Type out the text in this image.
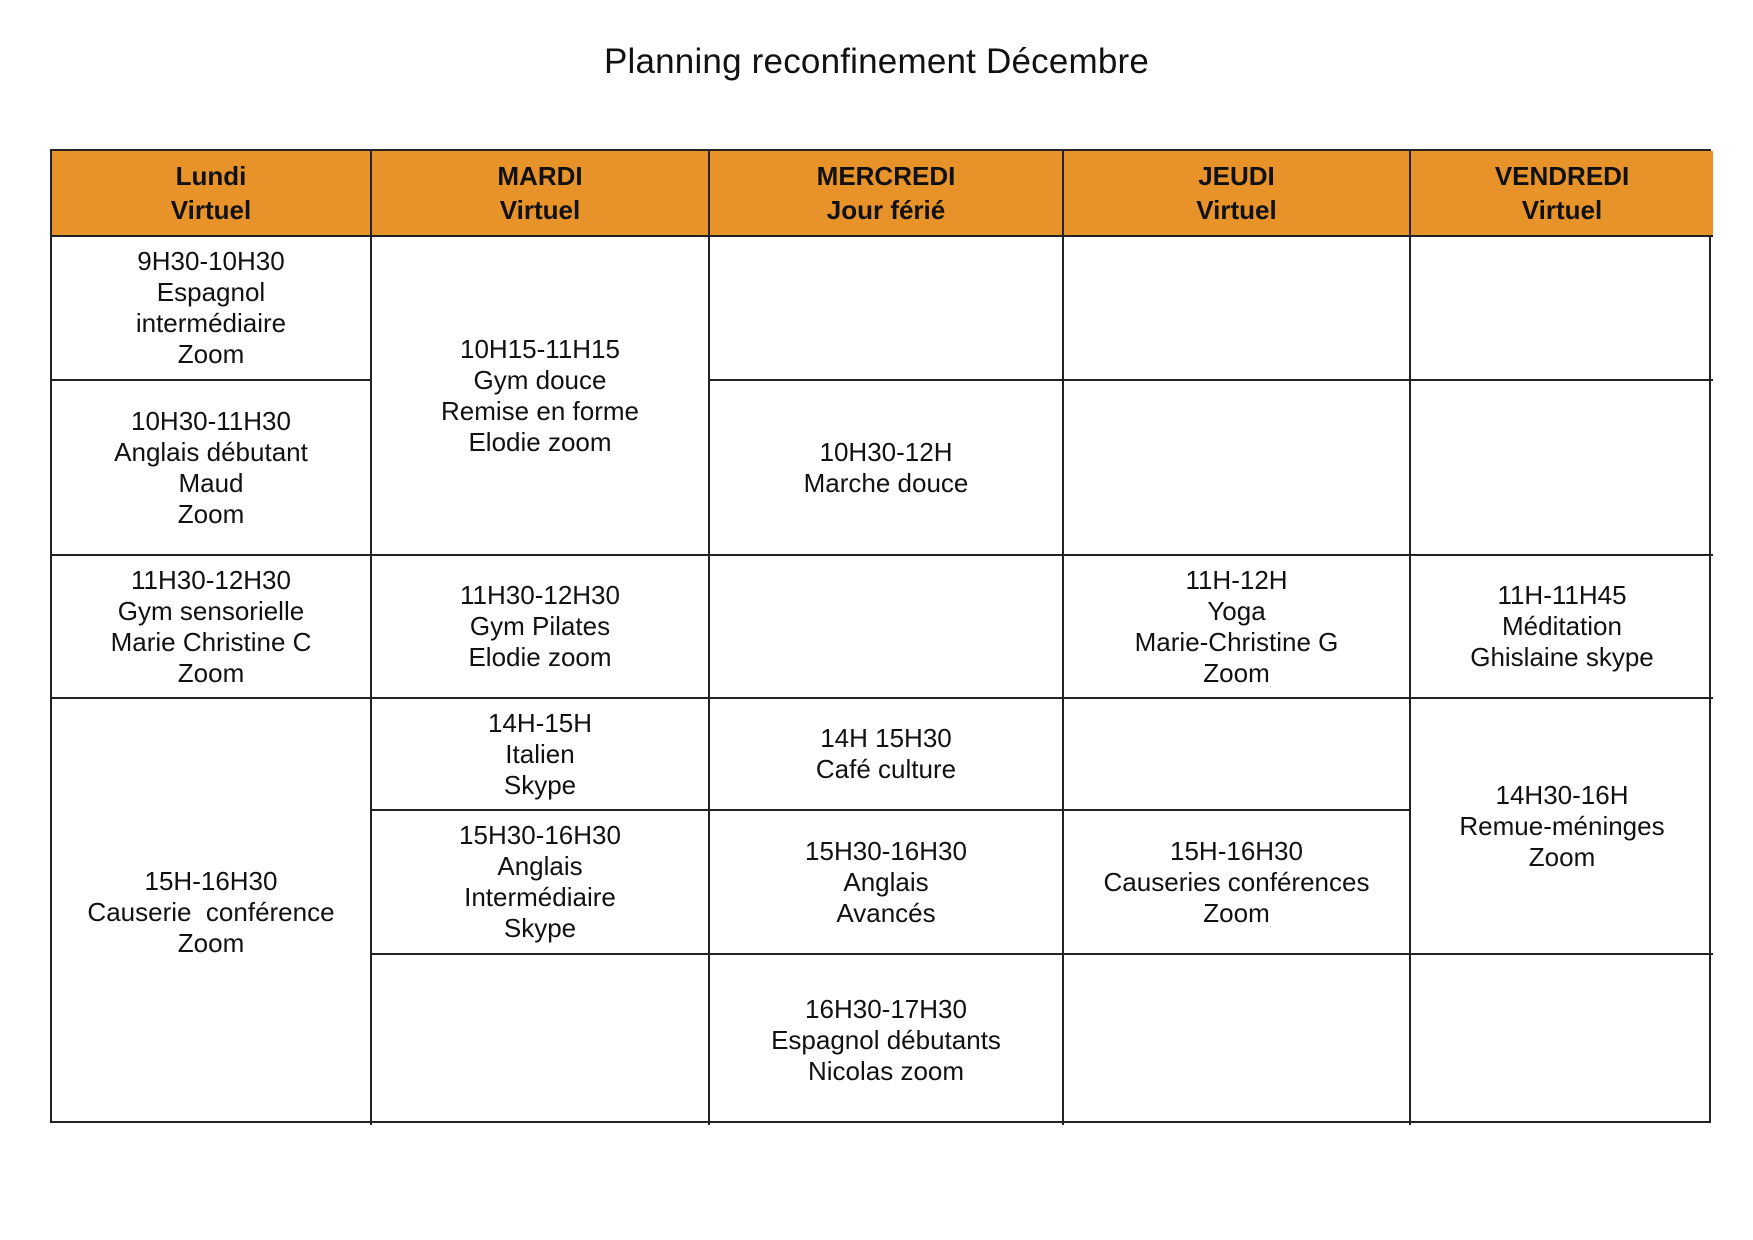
Planning reconfinement Décembre
Lundi
Virtuel
MARDI
Virtuel
MERCREDI
Jour férié
JEUDI
Virtuel
VENDREDI
Virtuel
9H30-10H30
Espagnol
intermédiaire
Zoom
10H30-11H30
Anglais débutant
Maud
Zoom
11H30-12H30
Gym sensorielle
Marie Christine C
Zoom
15H-16H30
Causerie  conférence
Zoom
10H15-11H15
Gym douce
Remise en forme
Elodie zoom
11H30-12H30
Gym Pilates
Elodie zoom
14H-15H
Italien
Skype
15H30-16H30
Anglais
Intermédiaire
Skype
10H30-12H
Marche douce
14H 15H30
Café culture
15H30-16H30
Anglais
Avancés
16H30-17H30
Espagnol débutants
Nicolas zoom
11H-12H
Yoga
Marie-Christine G
Zoom
15H-16H30
Causeries conférences
Zoom
11H-11H45
Méditation
Ghislaine skype
14H30-16H
Remue-méninges
Zoom
